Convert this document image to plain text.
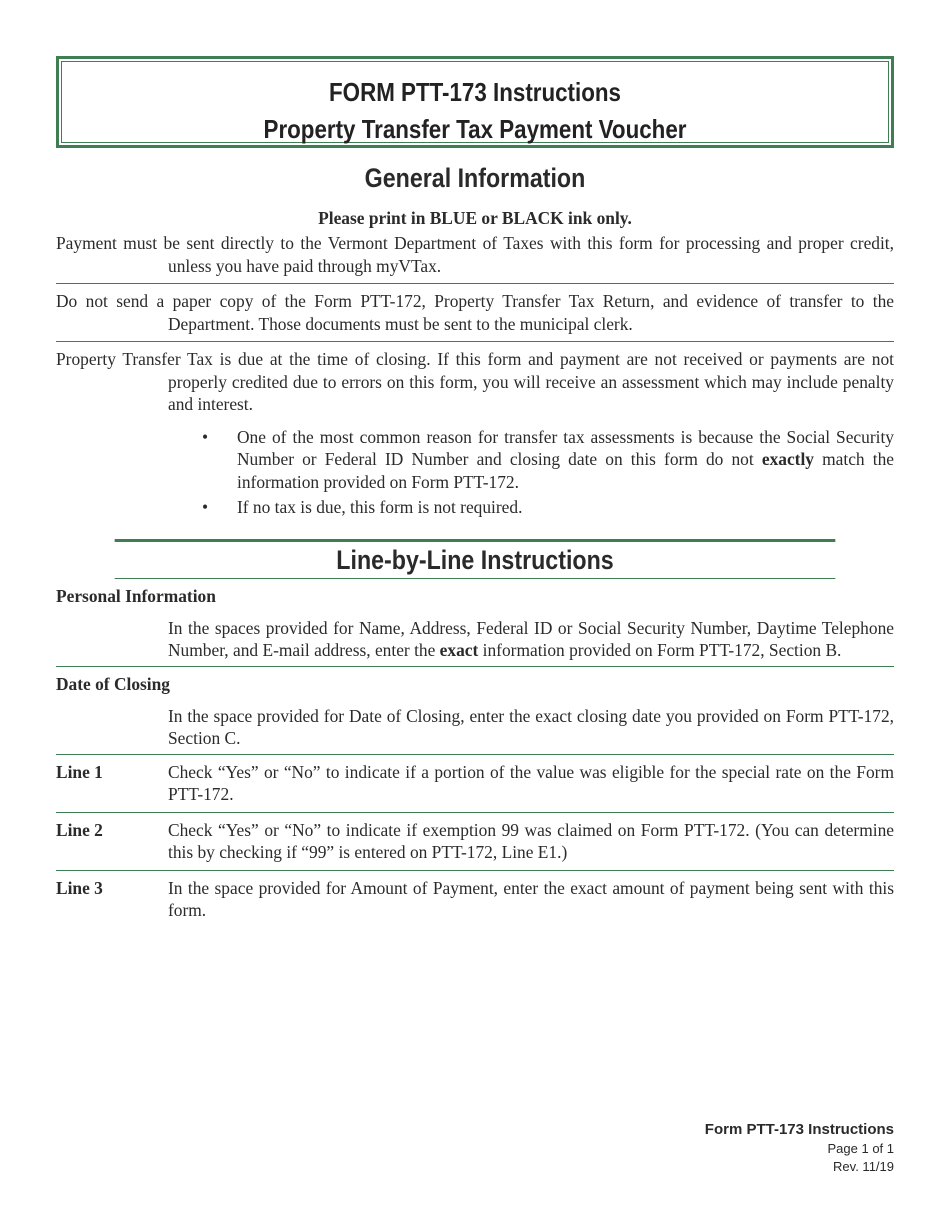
FORM PTT-173 Instructions
Property Transfer Tax Payment Voucher
General Information
Please print in BLUE or BLACK ink only.
Payment must be sent directly to the Vermont Department of Taxes with this form for processing and proper credit, unless you have paid through myVTax.
Do not send a paper copy of the Form PTT-172, Property Transfer Tax Return, and evidence of transfer to the Department. Those documents must be sent to the municipal clerk.
Property Transfer Tax is due at the time of closing. If this form and payment are not received or payments are not properly credited due to errors on this form, you will receive an assessment which may include penalty and interest.
• One of the most common reason for transfer tax assessments is because the Social Security Number or Federal ID Number and closing date on this form do not exactly match the information provided on Form PTT-172.
• If no tax is due, this form is not required.
Line-by-Line Instructions
Personal Information
In the spaces provided for Name, Address, Federal ID or Social Security Number, Daytime Telephone Number, and E-mail address, enter the exact information provided on Form PTT-172, Section B.
Date of Closing
In the space provided for Date of Closing, enter the exact closing date you provided on Form PTT-172, Section C.
Line 1	Check “Yes” or “No” to indicate if a portion of the value was eligible for the special rate on the Form PTT-172.
Line 2	Check “Yes” or “No” to indicate if exemption 99 was claimed on Form PTT-172. (You can determine this by checking if “99” is entered on PTT-172, Line E1.)
Line 3	In the space provided for Amount of Payment, enter the exact amount of payment being sent with this form.
Form PTT-173 Instructions
Page 1 of 1
Rev. 11/19
